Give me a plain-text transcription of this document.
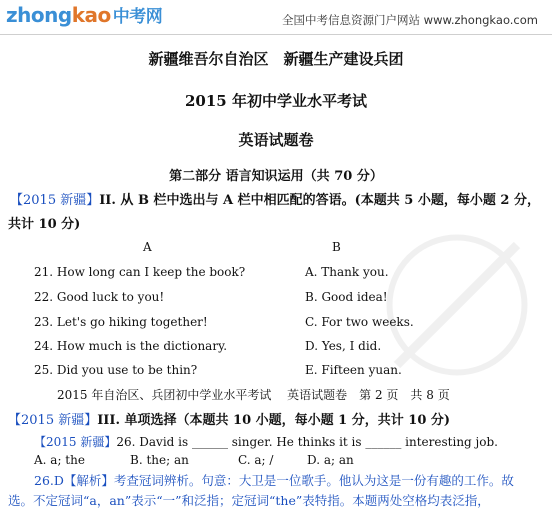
zhongkao 中考网	全国中考信息资源门户网站 www.zhongkao.com
新疆维吾尔自治区　新疆生产建设兵团
2015 年初中学业水平考试
英语试题卷
第二部分 语言知识运用（共 70 分）
【2015 新疆】II. 从 B 栏中选出与 A 栏中相匹配的答语。(本题共 5 小题，每小题 2 分，
共计 10 分)
A	B
21. How long can I keep the book?	A. Thank you.
22. Good luck to you!	B. Good idea!
23. Let's go hiking together!	C. For two weeks.
24. How much is the dictionary.	D. Yes, I did.
25. Did you use to be thin?	E. Fifteen yuan.
2015 年自治区、兵团初中学业水平考试　 英语试题卷　第 2 页　共 8 页
【2015 新疆】III. 单项选择（本题共 10 小题，每小题 1 分，共计 10 分)
【2015 新疆】26. David is ______ singer. He thinks it is ______ interesting job.
A. a; the	B. the; an	C. a; /	D. a; an
26.D【解析】考查冠词辨析。句意：大卫是一位歌手。他认为这是一份有趣的工作。故
选。不定冠词“a，an”表示“一”和泛指；定冠词“the”表特指。本题两处空格均表泛指，
